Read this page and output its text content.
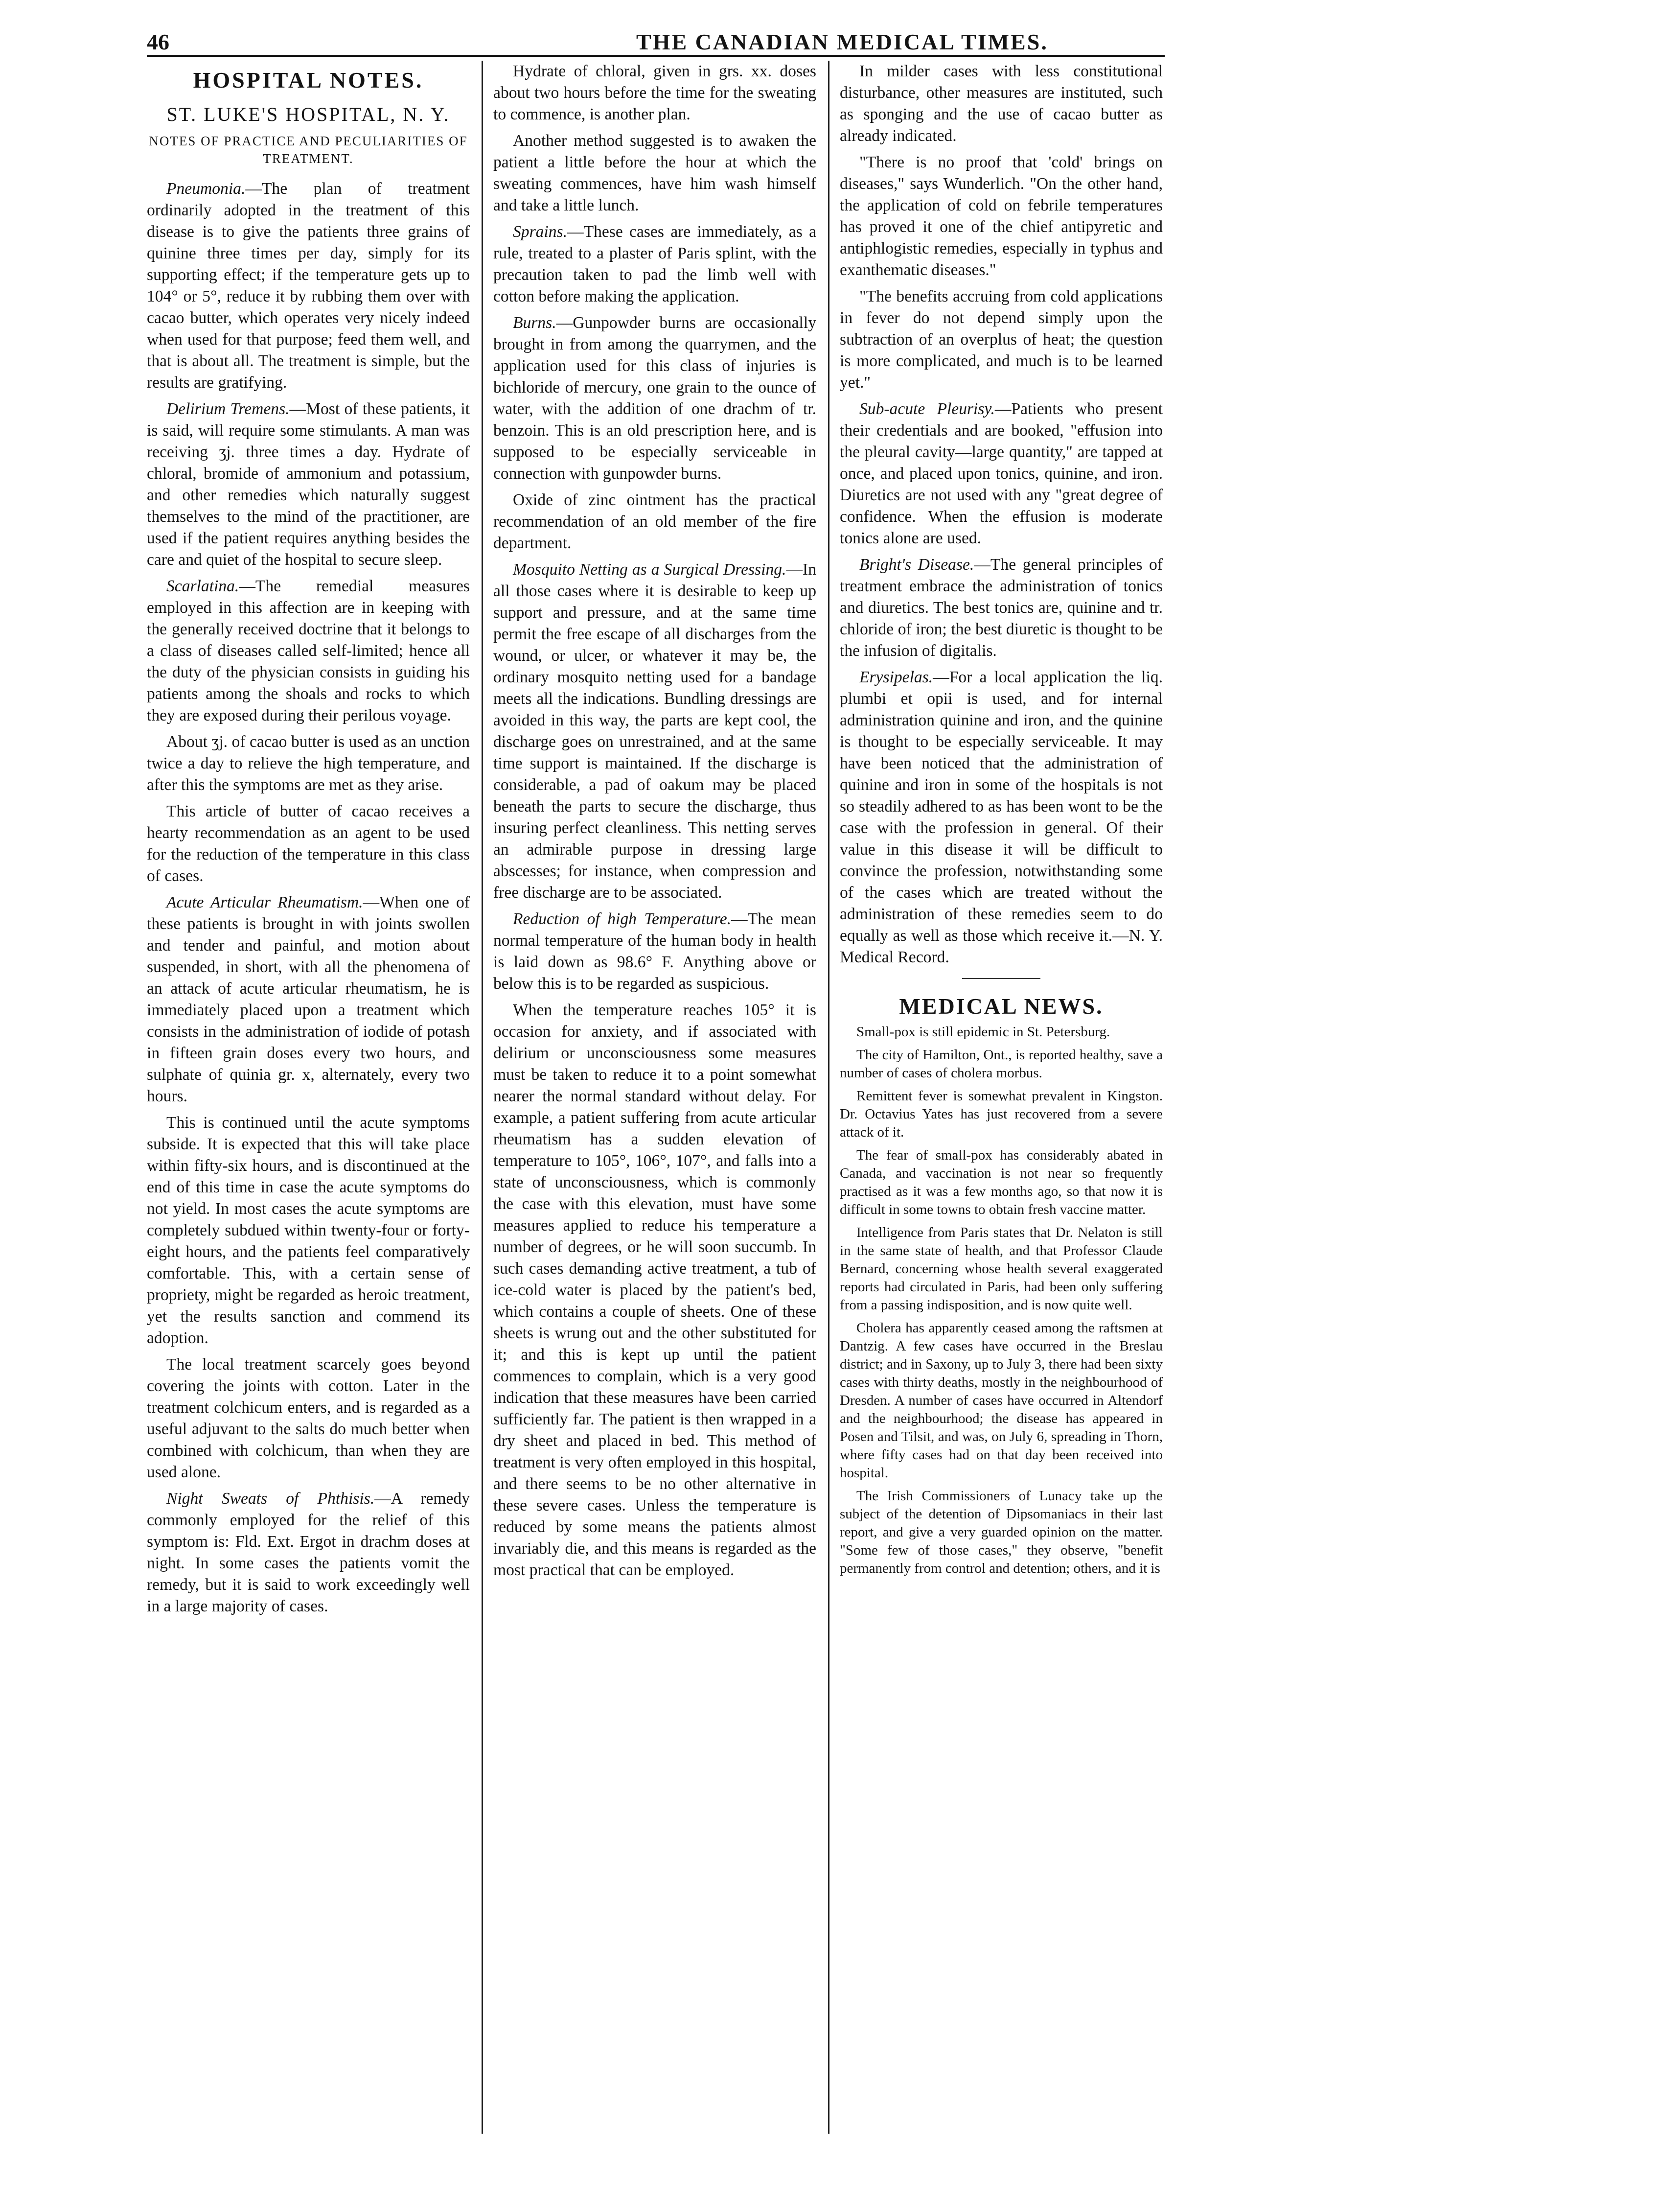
46	THE CANADIAN MEDICAL TIMES.
HOSPITAL NOTES.
ST. LUKE'S HOSPITAL, N. Y.
NOTES OF PRACTICE AND PECULIARITIES OF TREATMENT.

Pneumonia.—The plan of treatment ordinarily adopted in the treatment of this disease is to give the patients three grains of quinine three times per day, simply for its supporting effect; if the temperature gets up to 104° or 5°, reduce it by rubbing them over with cacao butter, which operates very nicely indeed when used for that purpose; feed them well, and that is about all. The treatment is simple, but the results are gratifying.

Delirium Tremens.—Most of these patients, it is said, will require some stimulants. A man was receiving ʒj. three times a day. Hydrate of chloral, bromide of ammonium and potassium, and other remedies which naturally suggest themselves to the mind of the practitioner, are used if the patient requires anything besides the care and quiet of the hospital to secure sleep.

Scarlatina.—The remedial measures employed in this affection are in keeping with the generally received doctrine that it belongs to a class of diseases called self-limited; hence all the duty of the physician consists in guiding his patients among the shoals and rocks to which they are exposed during their perilous voyage.

About ʒj. of cacao butter is used as an unction twice a day to relieve the high temperature, and after this the symptoms are met as they arise.

This article of butter of cacao receives a hearty recommendation as an agent to be used for the reduction of the temperature in this class of cases.

Acute Articular Rheumatism.—When one of these patients is brought in with joints swollen and tender and painful, and motion about suspended, in short, with all the phenomena of an attack of acute articular rheumatism, he is immediately placed upon a treatment which consists in the administration of iodide of potash in fifteen grain doses every two hours, and sulphate of quinia gr. x, alternately, every two hours.

This is continued until the acute symptoms subside. It is expected that this will take place within fifty-six hours, and is discontinued at the end of this time in case the acute symptoms do not yield. In most cases the acute symptoms are completely subdued within twenty-four or forty-eight hours, and the patients feel comparatively comfortable. This, with a certain sense of propriety, might be regarded as heroic treatment, yet the results sanction and commend its adoption.

The local treatment scarcely goes beyond covering the joints with cotton. Later in the treatment colchicum enters, and is regarded as a useful adjuvant to the salts do much better when combined with colchicum, than when they are used alone.

Night Sweats of Phthisis.—A remedy commonly employed for the relief of this symptom is: Fld. Ext. Ergot in drachm doses at night. In some cases the patients vomit the remedy, but it is said to work exceedingly well in a large majority of cases.

Hydrate of chloral, given in grs. xx. doses about two hours before the time for the sweating to commence, is another plan.

Another method suggested is to awaken the patient a little before the hour at which the sweating commences, have him wash himself and take a little lunch.

Sprains.—These cases are immediately, as a rule, treated to a plaster of Paris splint, with the precaution taken to pad the limb well with cotton before making the application.

Burns.—Gunpowder burns are occasionally brought in from among the quarrymen, and the application used for this class of injuries is bichloride of mercury, one grain to the ounce of water, with the addition of one drachm of tr. benzoin. This is an old prescription here, and is supposed to be especially serviceable in connection with gunpowder burns.

Oxide of zinc ointment has the practical recommendation of an old member of the fire department.

Mosquito Netting as a Surgical Dressing.—In all those cases where it is desirable to keep up support and pressure, and at the same time permit the free escape of all discharges from the wound, or ulcer, or whatever it may be, the ordinary mosquito netting used for a bandage meets all the indications. Bundling dressings are avoided in this way, the parts are kept cool, the discharge goes on unrestrained, and at the same time support is maintained. If the discharge is considerable, a pad of oakum may be placed beneath the parts to secure the discharge, thus insuring perfect cleanliness. This netting serves an admirable purpose in dressing large abscesses; for instance, when compression and free discharge are to be associated.

Reduction of high Temperature.—The mean normal temperature of the human body in health is laid down as 98.6° F. Anything above or below this is to be regarded as suspicious.

When the temperature reaches 105° it is occasion for anxiety, and if associated with delirium or unconsciousness some measures must be taken to reduce it to a point somewhat nearer the normal standard without delay. For example, a patient suffering from acute articular rheumatism has a sudden elevation of temperature to 105°, 106°, 107°, and falls into a state of unconsciousness, which is commonly the case with this elevation, must have some measures applied to reduce his temperature a number of degrees, or he will soon succumb. In such cases demanding active treatment, a tub of ice-cold water is placed by the patient's bed, which contains a couple of sheets. One of these sheets is wrung out and the other substituted for it; and this is kept up until the patient commences to complain, which is a very good indication that these measures have been carried sufficiently far. The patient is then wrapped in a dry sheet and placed in bed. This method of treatment is very often employed in this hospital, and there seems to be no other alternative in these severe cases. Unless the temperature is reduced by some means the patients almost invariably die, and this means is regarded as the most practical that can be employed.

In milder cases with less constitutional disturbance, other measures are instituted, such as sponging and the use of cacao butter as already indicated.

"There is no proof that 'cold' brings on diseases," says Wunderlich. "On the other hand, the application of cold on febrile temperatures has proved it one of the chief antipyretic and antiphlogistic remedies, especially in typhus and exanthematic diseases."

"The benefits accruing from cold applications in fever do not depend simply upon the subtraction of an overplus of heat; the question is more complicated, and much is to be learned yet."

Sub-acute Pleurisy.—Patients who present their credentials and are booked, "effusion into the pleural cavity—large quantity," are tapped at once, and placed upon tonics, quinine, and iron. Diuretics are not used with any "great degree of confidence. When the effusion is moderate tonics alone are used.

Bright's Disease.—The general principles of treatment embrace the administration of tonics and diuretics. The best tonics are, quinine and tr. chloride of iron; the best diuretic is thought to be the infusion of digitalis.

Erysipelas.—For a local application the liq. plumbi et opii is used, and for internal administration quinine and iron, and the quinine is thought to be especially serviceable. It may have been noticed that the administration of quinine and iron in some of the hospitals is not so steadily adhered to as has been wont to be the case with the profession in general. Of their value in this disease it will be difficult to convince the profession, notwithstanding some of the cases which are treated without the administration of these remedies seem to do equally as well as those which receive it.—N. Y. Medical Record.

MEDICAL NEWS.

Small-pox is still epidemic in St. Petersburg.

The city of Hamilton, Ont., is reported healthy, save a number of cases of cholera morbus.

Remittent fever is somewhat prevalent in Kingston. Dr. Octavius Yates has just recovered from a severe attack of it.

The fear of small-pox has considerably abated in Canada, and vaccination is not near so frequently practised as it was a few months ago, so that now it is difficult in some towns to obtain fresh vaccine matter.

Intelligence from Paris states that Dr. Nelaton is still in the same state of health, and that Professor Claude Bernard, concerning whose health several exaggerated reports had circulated in Paris, had been only suffering from a passing indisposition, and is now quite well.

Cholera has apparently ceased among the raftsmen at Dantzig. A few cases have occurred in the Breslau district; and in Saxony, up to July 3, there had been sixty cases with thirty deaths, mostly in the neighbourhood of Dresden. A number of cases have occurred in Altendorf and the neighbourhood; the disease has appeared in Posen and Tilsit, and was, on July 6, spreading in Thorn, where fifty cases had on that day been received into hospital.

The Irish Commissioners of Lunacy take up the subject of the detention of Dipsomaniacs in their last report, and give a very guarded opinion on the matter. "Some few of those cases," they observe, "benefit permanently from control and detention; others, and it is
